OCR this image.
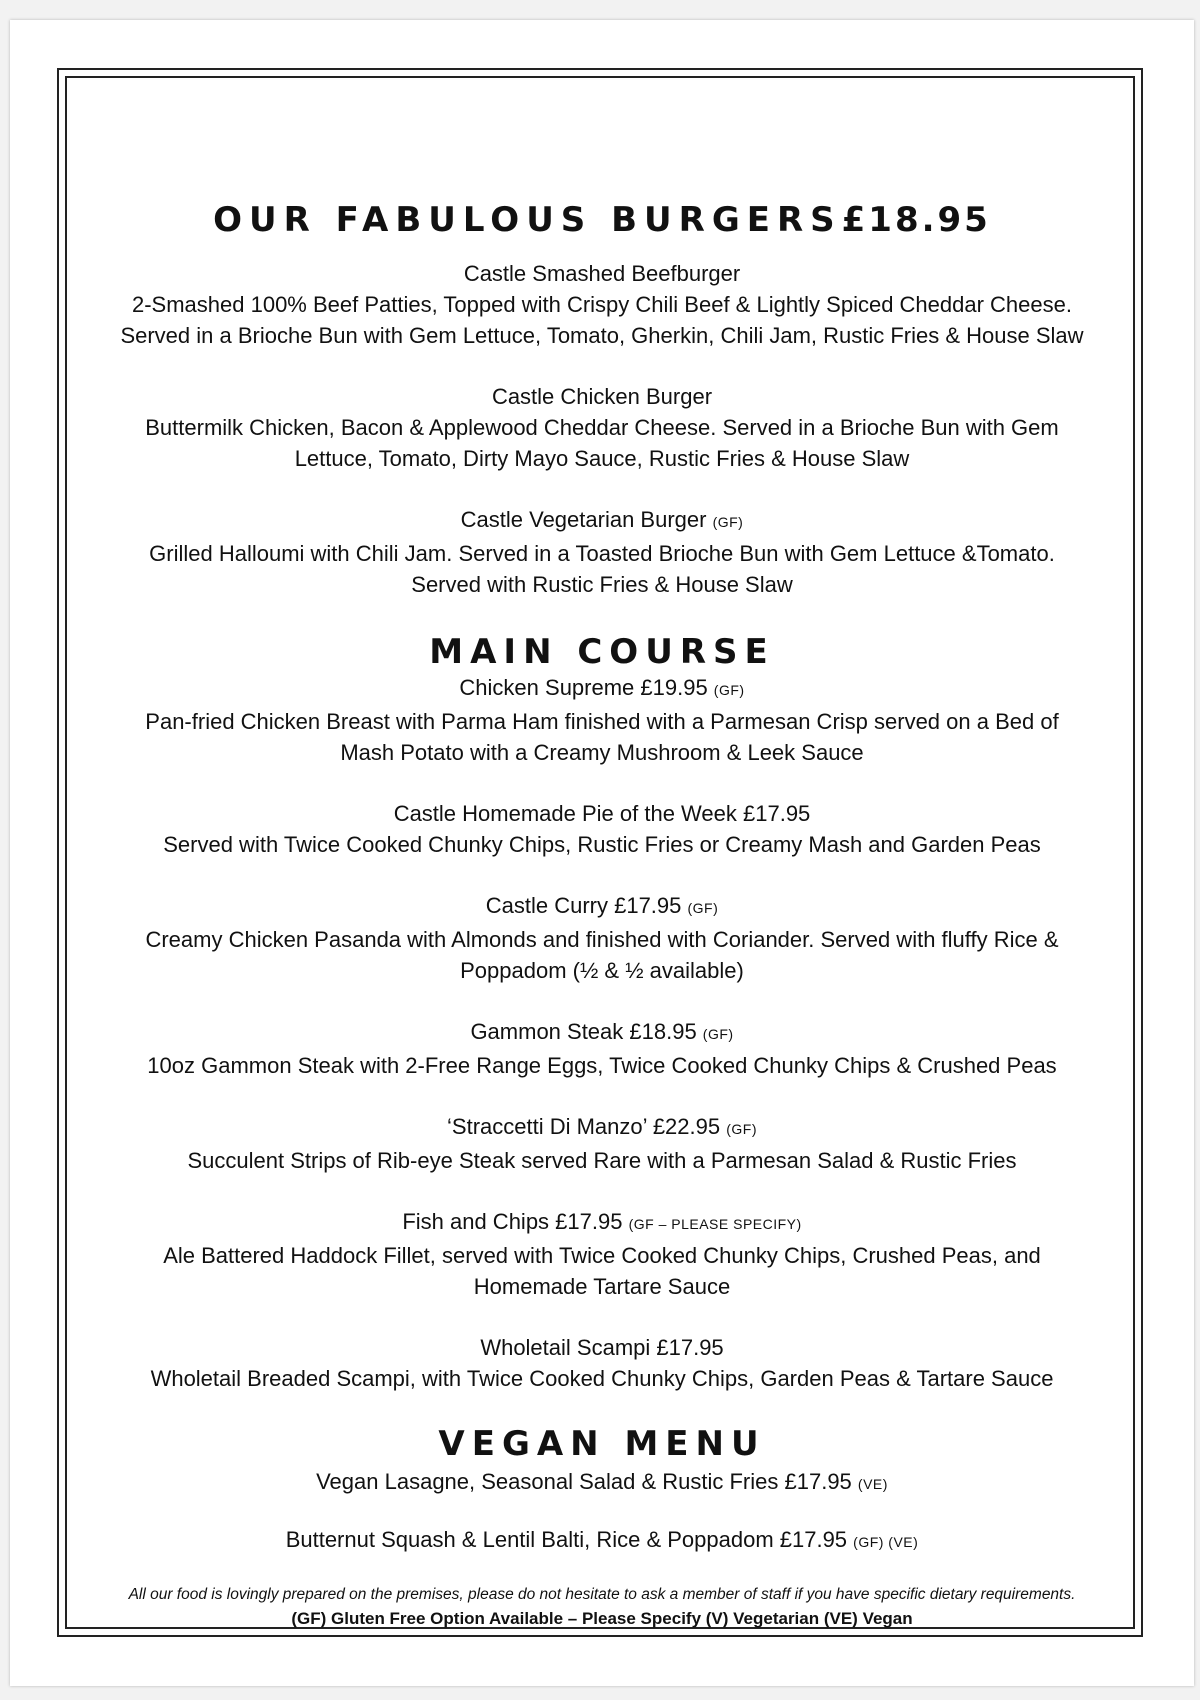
OUR FABULOUS BURGERS£18.95
Castle Smashed Beefburger
2-Smashed 100% Beef Patties, Topped with Crispy Chili Beef & Lightly Spiced Cheddar Cheese.
Served in a Brioche Bun with Gem Lettuce, Tomato, Gherkin, Chili Jam, Rustic Fries & House Slaw
Castle Chicken Burger
Buttermilk Chicken, Bacon & Applewood Cheddar Cheese. Served in a Brioche Bun with Gem
Lettuce, Tomato, Dirty Mayo Sauce, Rustic Fries & House Slaw
Castle Vegetarian Burger (GF)
Grilled Halloumi with Chili Jam. Served in a Toasted Brioche Bun with Gem Lettuce &Tomato.
Served with Rustic Fries & House Slaw
MAIN COURSE
Chicken Supreme £19.95 (GF)
Pan-fried Chicken Breast with Parma Ham finished with a Parmesan Crisp served on a Bed of
Mash Potato with a Creamy Mushroom & Leek Sauce
Castle Homemade Pie of the Week £17.95
Served with Twice Cooked Chunky Chips, Rustic Fries or Creamy Mash and Garden Peas
Castle Curry £17.95 (GF)
Creamy Chicken Pasanda with Almonds and finished with Coriander. Served with fluffy Rice &
Poppadom (½ & ½ available)
Gammon Steak £18.95 (GF)
10oz Gammon Steak with 2-Free Range Eggs, Twice Cooked Chunky Chips & Crushed Peas
‘Straccetti Di Manzo’ £22.95 (GF)
Succulent Strips of Rib-eye Steak served Rare with a Parmesan Salad & Rustic Fries
Fish and Chips £17.95 (GF – PLEASE SPECIFY)
Ale Battered Haddock Fillet, served with Twice Cooked Chunky Chips, Crushed Peas, and
Homemade Tartare Sauce
Wholetail Scampi £17.95
Wholetail Breaded Scampi, with Twice Cooked Chunky Chips, Garden Peas & Tartare Sauce
VEGAN MENU
Vegan Lasagne, Seasonal Salad & Rustic Fries £17.95 (VE)
Butternut Squash & Lentil Balti, Rice & Poppadom £17.95 (GF) (VE)
All our food is lovingly prepared on the premises, please do not hesitate to ask a member of staff if you have specific dietary requirements.
(GF) Gluten Free Option Available – Please Specify (V) Vegetarian (VE) Vegan
